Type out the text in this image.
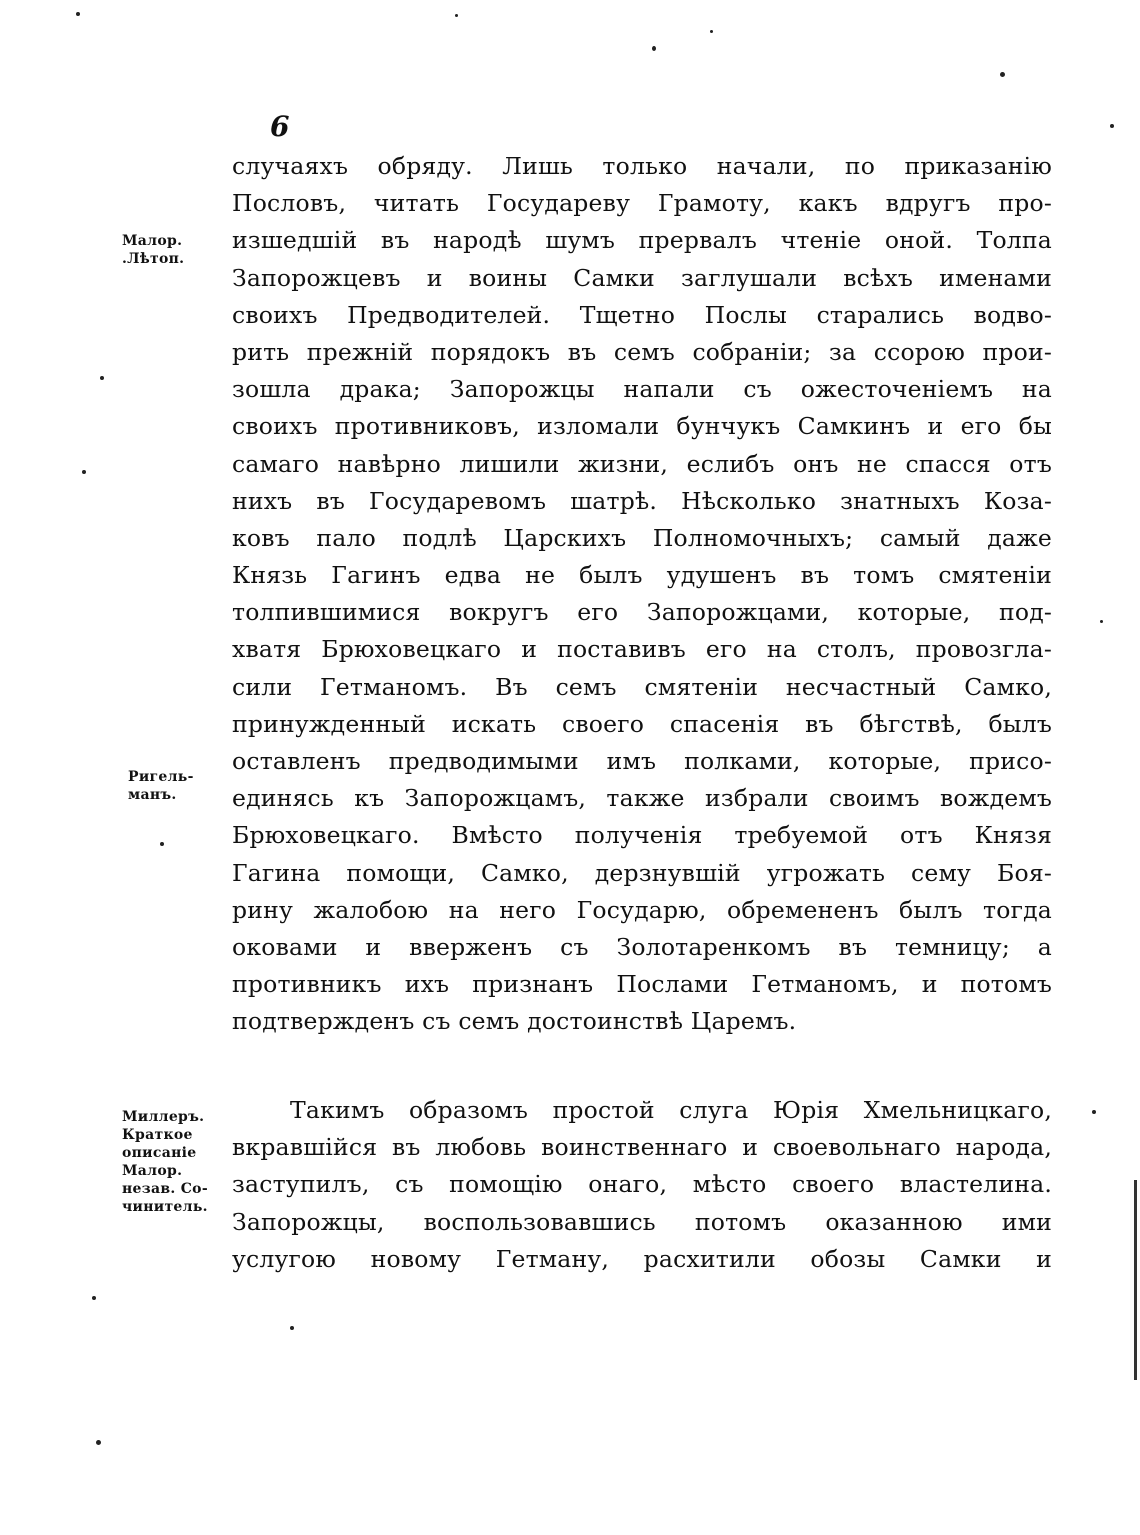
6
Малор.
.Лѣтоп.
Ригель-
манъ.
Миллеръ.
Краткое
описаніе
Малор.
незав. Со-
чинитель.
случаяхъ обряду. Лишь только начали, по приказанію
Пословъ, читать Государеву Грамоту, какъ вдругъ про-
изшедшій въ народѣ шумъ прервалъ чтеніе оной. Толпа
Запорожцевъ и воины Самки заглушали всѣхъ именами
своихъ Предводителей. Тщетно Послы старались водво-
рить прежній порядокъ въ семъ собраніи; за ссорою прои-
зошла драка; Запорожцы напали съ ожесточеніемъ на
своихъ противниковъ, изломали бунчукъ Самкинъ и его бы
самаго навѣрно лишили жизни, еслибъ онъ не спасся отъ
нихъ въ Государевомъ шатрѣ. Нѣсколько знатныхъ Коза-
ковъ пало подлѣ Царскихъ Полномочныхъ; самый даже
Князь Гагинъ едва не былъ удушенъ въ томъ смятеніи
толпившимися вокругъ его Запорожцами, которые, под-
хватя Брюховецкаго и поставивъ его на столъ, провозгла-
сили Гетманомъ. Въ семъ смятеніи несчастный Самко,
принужденный искать своего спасенія въ бѣгствѣ, былъ
оставленъ предводимыми имъ полками, которые, присо-
единясь къ Запорожцамъ, также избрали своимъ вождемъ
Брюховецкаго. Вмѣсто полученія требуемой отъ Князя
Гагина помощи, Самко, дерзнувшій угрожать сему Боя-
рину жалобою на него Государю, обремененъ былъ тогда
оковами и вверженъ съ Золотаренкомъ въ темницу; а
противникъ ихъ признанъ Послами Гетманомъ, и потомъ
подтвержденъ съ семъ достоинствѣ Царемъ.
Такимъ образомъ простой слуга Юрія Хмельницкаго,
вкравшійся въ любовь воинственнаго и своевольнаго народа,
заступилъ, съ помощію онаго, мѣсто своего властелина.
Запорожцы, воспользовавшись потомъ оказанною ими
услугою новому Гетману, расхитили обозы Самки и
